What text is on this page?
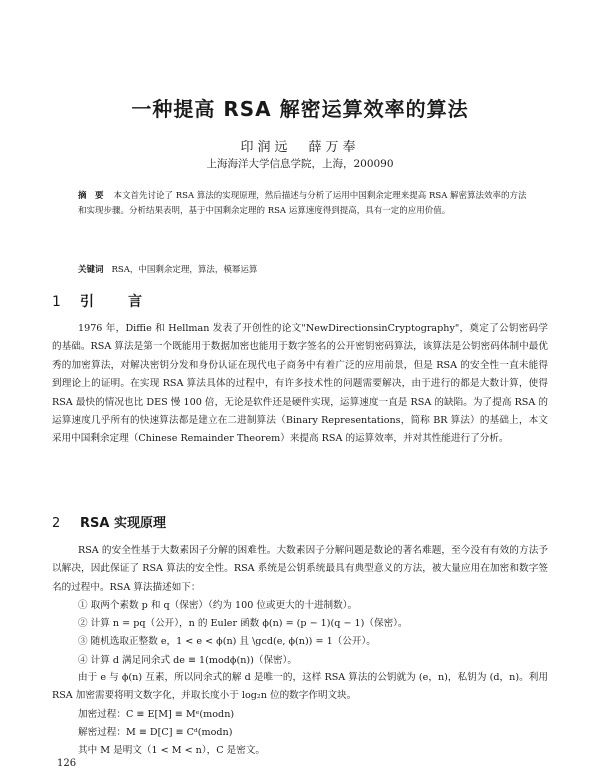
一种提高 RSA 解密运算效率的算法
印润远　薛万奉
上海海洋大学信息学院，上海，200090
摘　要 本文首先讨论了 RSA 算法的实现原理，然后描述与分析了运用中国剩余定理来提高 RSA 解密算法效率的方法和实现步骤。分析结果表明，基于中国剩余定理的 RSA 运算速度得到提高，具有一定的应用价值。
关键词 RSA，中国剩余定理，算法，模幂运算
1 引　言

1976 年，Diffie 和 Hellman 发表了开创性的论文"NewDirectionsinCryptography"，奠定了公钥密码学的基础。RSA 算法是第一个既能用于数据加密也能用于数字签名的公开密钥密码算法，该算法是公钥密码体制中最优秀的加密算法，对解决密钥分发和身份认证在现代电子商务中有着广泛的应用前景，但是 RSA 的安全性一直未能得到理论上的证明。在实现 RSA 算法具体的过程中，有许多技术性的问题需要解决，由于进行的都是大数计算，使得 RSA 最快的情况也比 DES 慢 100 倍，无论是软件还是硬件实现，运算速度一直是 RSA 的缺陷。为了提高 RSA 的运算速度几乎所有的快速算法都是建立在二进制算法（Binary Representations，简称 BR 算法）的基础上，本文采用中国剩余定理（Chinese Remainder Theorem）来提高 RSA 的运算效率，并对其性能进行了分析。

2 RSA 实现原理

RSA 的安全性基于大数素因子分解的困难性。大数素因子分解问题是数论的著名难题，至今没有有效的方法予以解决，因此保证了 RSA 算法的安全性。RSA 系统是公钥系统最具有典型意义的方法，被大量应用在加密和数字签名的过程中。RSA 算法描述如下：

① 取两个素数 p 和 q（保密）（约为 100 位或更大的十进制数）。
② 计算 n = pq（公开），n 的 Euler 函数 ϕ(n) = (p − 1)(q − 1)（保密）。
③ 随机选取正整数 e，1 < e < ϕ(n) 且 \gcd(e, ϕ(n)) = 1（公开）。
④ 计算 d 满足同余式 de ≡ 1(modϕ(n))（保密）。

由于 e 与 ϕ(n) 互素，所以同余式的解 d 是唯一的，这样 RSA 算法的公钥就为 (e，n)，私钥为 (d，n)。利用 RSA 加密需要将明文数字化，并取长度小于 log₂n 位的数字作明文块。

加密过程：C ≡ E[M] ≡ Mᵉ(modn)
解密过程：M ≡ D[C] ≡ Cᵈ(modn)
其中 M 是明文（1 < M < n），C 是密文。
126
